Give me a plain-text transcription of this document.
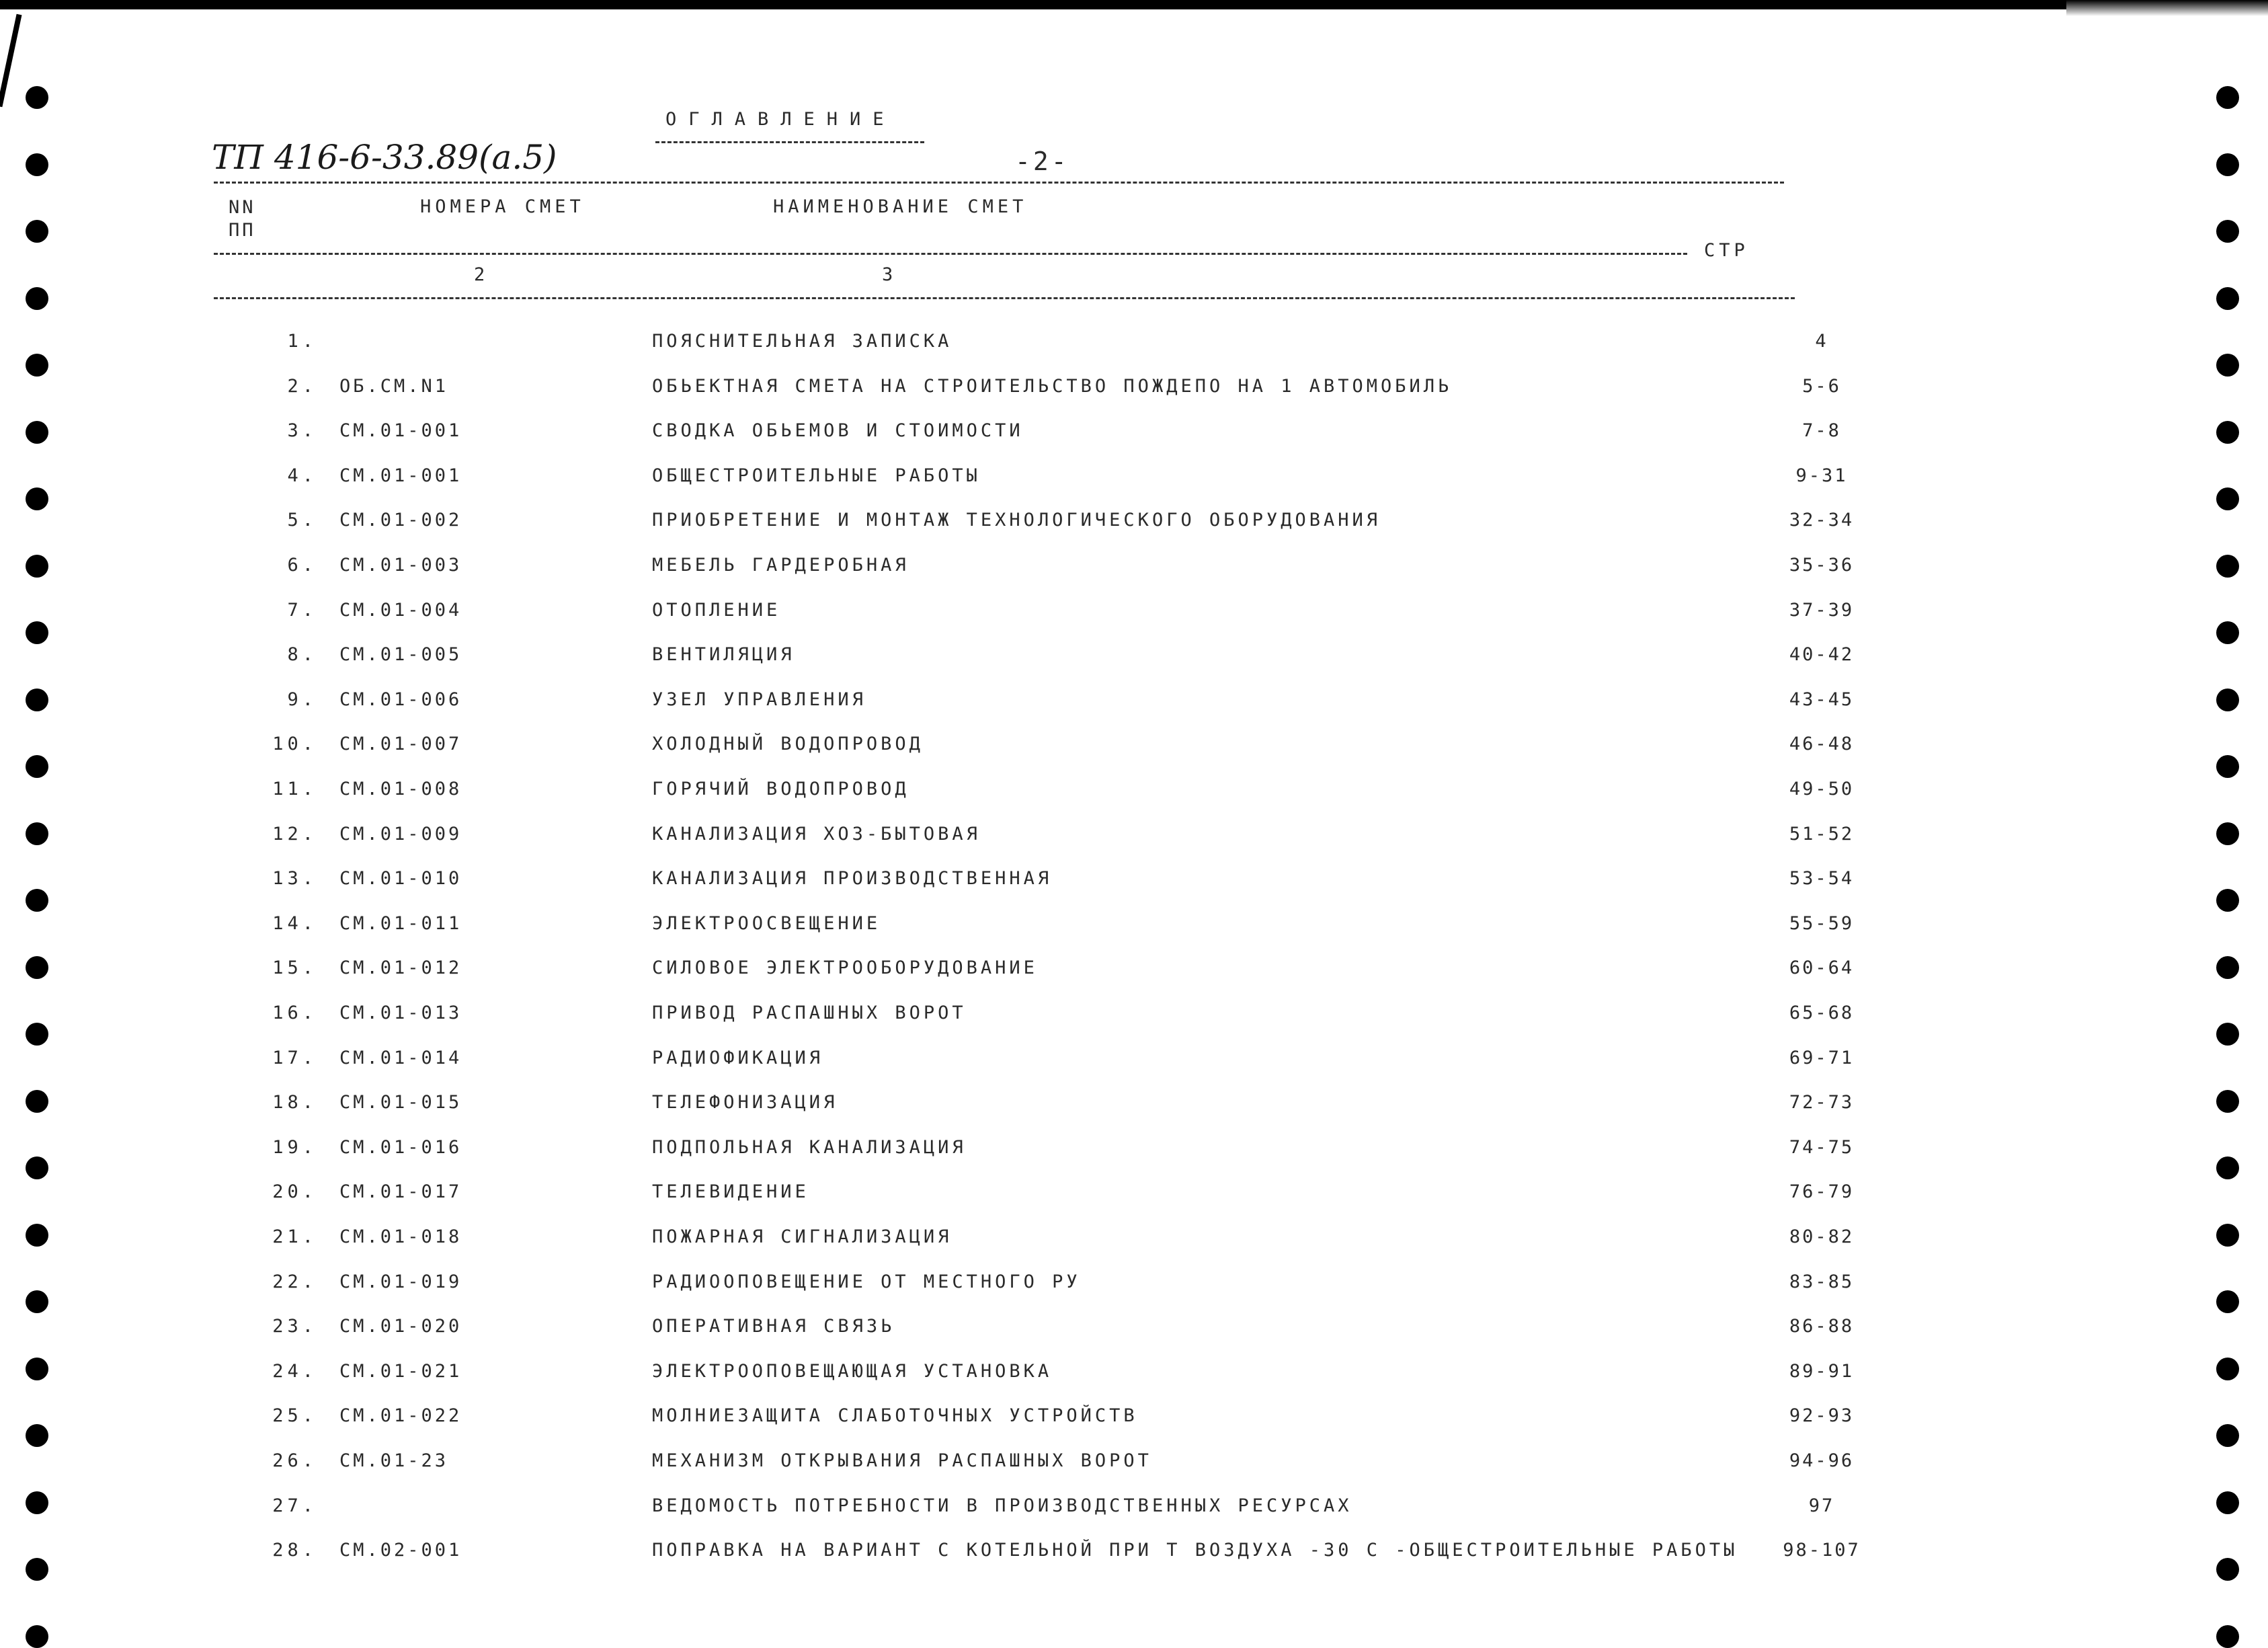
ОГЛАВЛЕНИЕ
ТП 416-6-33.89(а.5)	-2-
NN
ПП
НОМЕРА СМЕТ	НАИМЕНОВАНИЕ СМЕТ
СТР
2	3
1.	ПОЯСНИТЕЛЬНАЯ ЗАПИСКА	4
2. ОБ.СМ.N1	ОБЬЕКТНАЯ СМЕТА НА СТРОИТЕЛЬСТВО ПОЖДЕПО НА 1 АВТОМОБИЛЬ	5-6
3. СМ.01-001	СВОДКА ОБЬЕМОВ И СТОИМОСТИ	7-8
4. СМ.01-001	ОБЩЕСТРОИТЕЛЬНЫЕ РАБОТЫ	9-31
5. СМ.01-002	ПРИОБРЕТЕНИЕ И МОНТАЖ ТЕХНОЛОГИЧЕСКОГО ОБОРУДОВАНИЯ	32-34
6. СМ.01-003	МЕБЕЛЬ ГАРДЕРОБНАЯ	35-36
7. СМ.01-004	ОТОПЛЕНИЕ	37-39
8. СМ.01-005	ВЕНТИЛЯЦИЯ	40-42
9. СМ.01-006	УЗЕЛ УПРАВЛЕНИЯ	43-45
10. СМ.01-007	ХОЛОДНЫЙ ВОДОПРОВОД	46-48
11. СМ.01-008	ГОРЯЧИЙ ВОДОПРОВОД	49-50
12. СМ.01-009	КАНАЛИЗАЦИЯ ХОЗ-БЫТОВАЯ	51-52
13. СМ.01-010	КАНАЛИЗАЦИЯ ПРОИЗВОДСТВЕННАЯ	53-54
14. СМ.01-011	ЭЛЕКТРООСВЕЩЕНИЕ	55-59
15. СМ.01-012	СИЛОВОЕ ЭЛЕКТРООБОРУДОВАНИЕ	60-64
16. СМ.01-013	ПРИВОД РАСПАШНЫХ ВОРОТ	65-68
17. СМ.01-014	РАДИОФИКАЦИЯ	69-71
18. СМ.01-015	ТЕЛЕФОНИЗАЦИЯ	72-73
19. СМ.01-016	ПОДПОЛЬНАЯ КАНАЛИЗАЦИЯ	74-75
20. СМ.01-017	ТЕЛЕВИДЕНИЕ	76-79
21. СМ.01-018	ПОЖАРНАЯ СИГНАЛИЗАЦИЯ	80-82
22. СМ.01-019	РАДИООПОВЕЩЕНИЕ ОТ МЕСТНОГО РУ	83-85
23. СМ.01-020	ОПЕРАТИВНАЯ СВЯЗЬ	86-88
24. СМ.01-021	ЭЛЕКТРООПОВЕЩАЮЩАЯ УСТАНОВКА	89-91
25. СМ.01-022	МОЛНИЕЗАЩИТА СЛАБОТОЧНЫХ УСТРОЙСТВ	92-93
26. СМ.01-23	МЕХАНИЗМ ОТКРЫВАНИЯ РАСПАШНЫХ ВОРОТ	94-96
27.	ВЕДОМОСТЬ ПОТРЕБНОСТИ В ПРОИЗВОДСТВЕННЫХ РЕСУРСАХ	97
28. СМ.02-001	ПОПРАВКА НА ВАРИАНТ С КОТЕЛЬНОЙ ПРИ Т ВОЗДУХА -30 С -ОБЩЕСТРОИТЕЛЬНЫЕ РАБОТЫ	98-107
